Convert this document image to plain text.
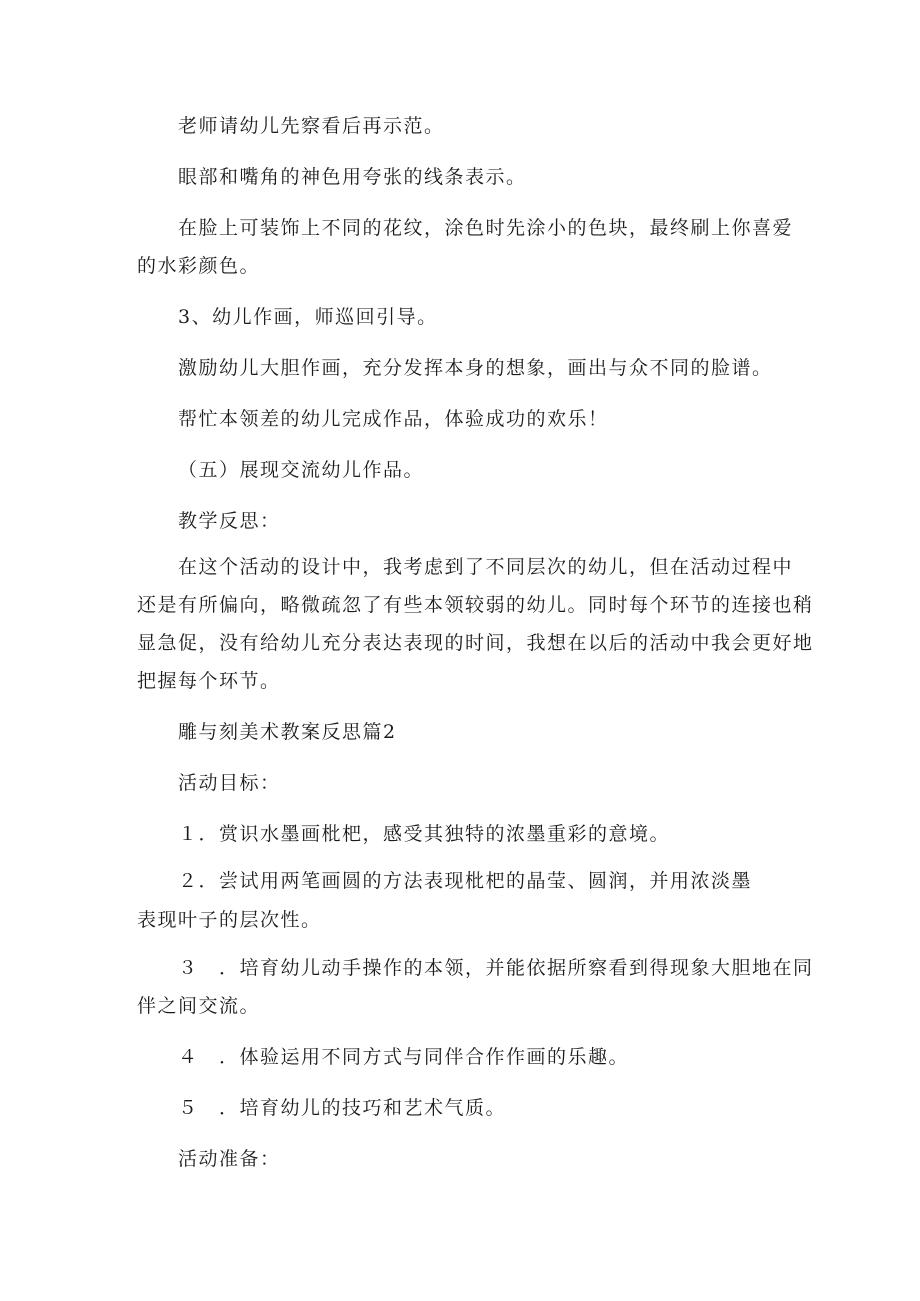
老师请幼儿先察看后再示范。

眼部和嘴角的神色用夸张的线条表示。

在脸上可装饰上不同的花纹，涂色时先涂小的色块，最终刷上你喜爱

的水彩颜色。

3、幼儿作画，师巡回引导。

激励幼儿大胆作画，充分发挥本身的想象，画出与众不同的脸谱。

帮忙本领差的幼儿完成作品，体验成功的欢乐！

（五）展现交流幼儿作品。

教学反思：

在这个活动的设计中，我考虑到了不同层次的幼儿，但在活动过程中

还是有所偏向，略微疏忽了有些本领较弱的幼儿。同时每个环节的连接也稍

显急促，没有给幼儿充分表达表现的时间，我想在以后的活动中我会更好地

把握每个环节。

雕与刻美术教案反思篇2

活动目标：

１．赏识水墨画枇杷，感受其独特的浓墨重彩的意境。

２．尝试用两笔画圆的方法表现枇杷的晶莹、圆润，并用浓淡墨

表现叶子的层次性。

３　．培育幼儿动手操作的本领，并能依据所察看到得现象大胆地在同

伴之间交流。

４　．体验运用不同方式与同伴合作作画的乐趣。

５　．培育幼儿的技巧和艺术气质。

活动准备：
